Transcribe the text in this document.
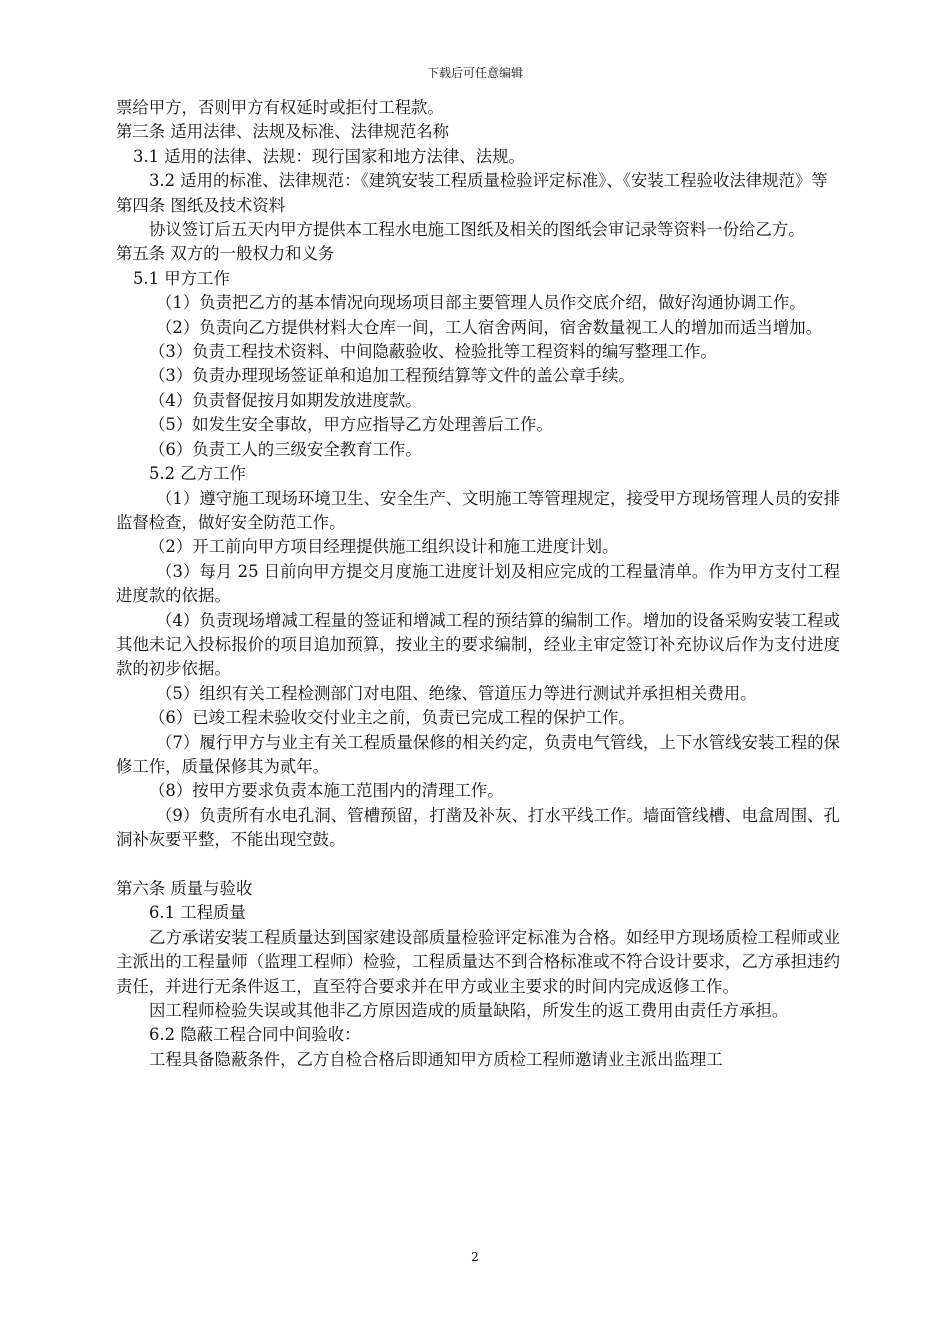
下载后可任意编辑

票给甲方，否则甲方有权延时或拒付工程款。

第三条 适用法律、法规及标准、法律规范名称

3.1 适用的法律、法规：现行国家和地方法律、法规。

3.2 适用的标准、法律规范：《建筑安装工程质量检验评定标准》、《安装工程验收法律规范》等

第四条 图纸及技术资料

协议签订后五天内甲方提供本工程水电施工图纸及相关的图纸会审记录等资料一份给乙方。

第五条 双方的一般权力和义务

5.1 甲方工作

（1）负责把乙方的基本情况向现场项目部主要管理人员作交底介绍，做好沟通协调工作。

（2）负责向乙方提供材料大仓库一间，工人宿舍两间，宿舍数量视工人的增加而适当增加。

（3）负责工程技术资料、中间隐蔽验收、检验批等工程资料的编写整理工作。

（3）负责办理现场签证单和追加工程预结算等文件的盖公章手续。

（4）负责督促按月如期发放进度款。

（5）如发生安全事故，甲方应指导乙方处理善后工作。

（6）负责工人的三级安全教育工作。

5.2 乙方工作

（1）遵守施工现场环境卫生、安全生产、文明施工等管理规定，接受甲方现场管理人员的安排监督检查，做好安全防范工作。

（2）开工前向甲方项目经理提供施工组织设计和施工进度计划。

（3）每月 25 日前向甲方提交月度施工进度计划及相应完成的工程量清单。作为甲方支付工程进度款的依据。

（4）负责现场增减工程量的签证和增减工程的预结算的编制工作。增加的设备采购安装工程或其他未记入投标报价的项目追加预算，按业主的要求编制，经业主审定签订补充协议后作为支付进度款的初步依据。

（5）组织有关工程检测部门对电阻、绝缘、管道压力等进行测试并承担相关费用。

（6）已竣工程未验收交付业主之前，负责已完成工程的保护工作。

（7）履行甲方与业主有关工程质量保修的相关约定，负责电气管线，上下水管线安装工程的保修工作，质量保修其为贰年。

（8）按甲方要求负责本施工范围内的清理工作。

（9）负责所有水电孔洞、管槽预留，打凿及补灰、打水平线工作。墙面管线槽、电盒周围、孔洞补灰要平整，不能出现空鼓。

第六条 质量与验收

6.1 工程质量

乙方承诺安装工程质量达到国家建设部质量检验评定标准为合格。如经甲方现场质检工程师或业主派出的工程量师（监理工程师）检验，工程质量达不到合格标准或不符合设计要求，乙方承担违约责任，并进行无条件返工，直至符合要求并在甲方或业主要求的时间内完成返修工作。

因工程师检验失误或其他非乙方原因造成的质量缺陷，所发生的返工费用由责任方承担。

6.2 隐蔽工程合同中间验收：

工程具备隐蔽条件，乙方自检合格后即通知甲方质检工程师邀请业主派出监理工

2
